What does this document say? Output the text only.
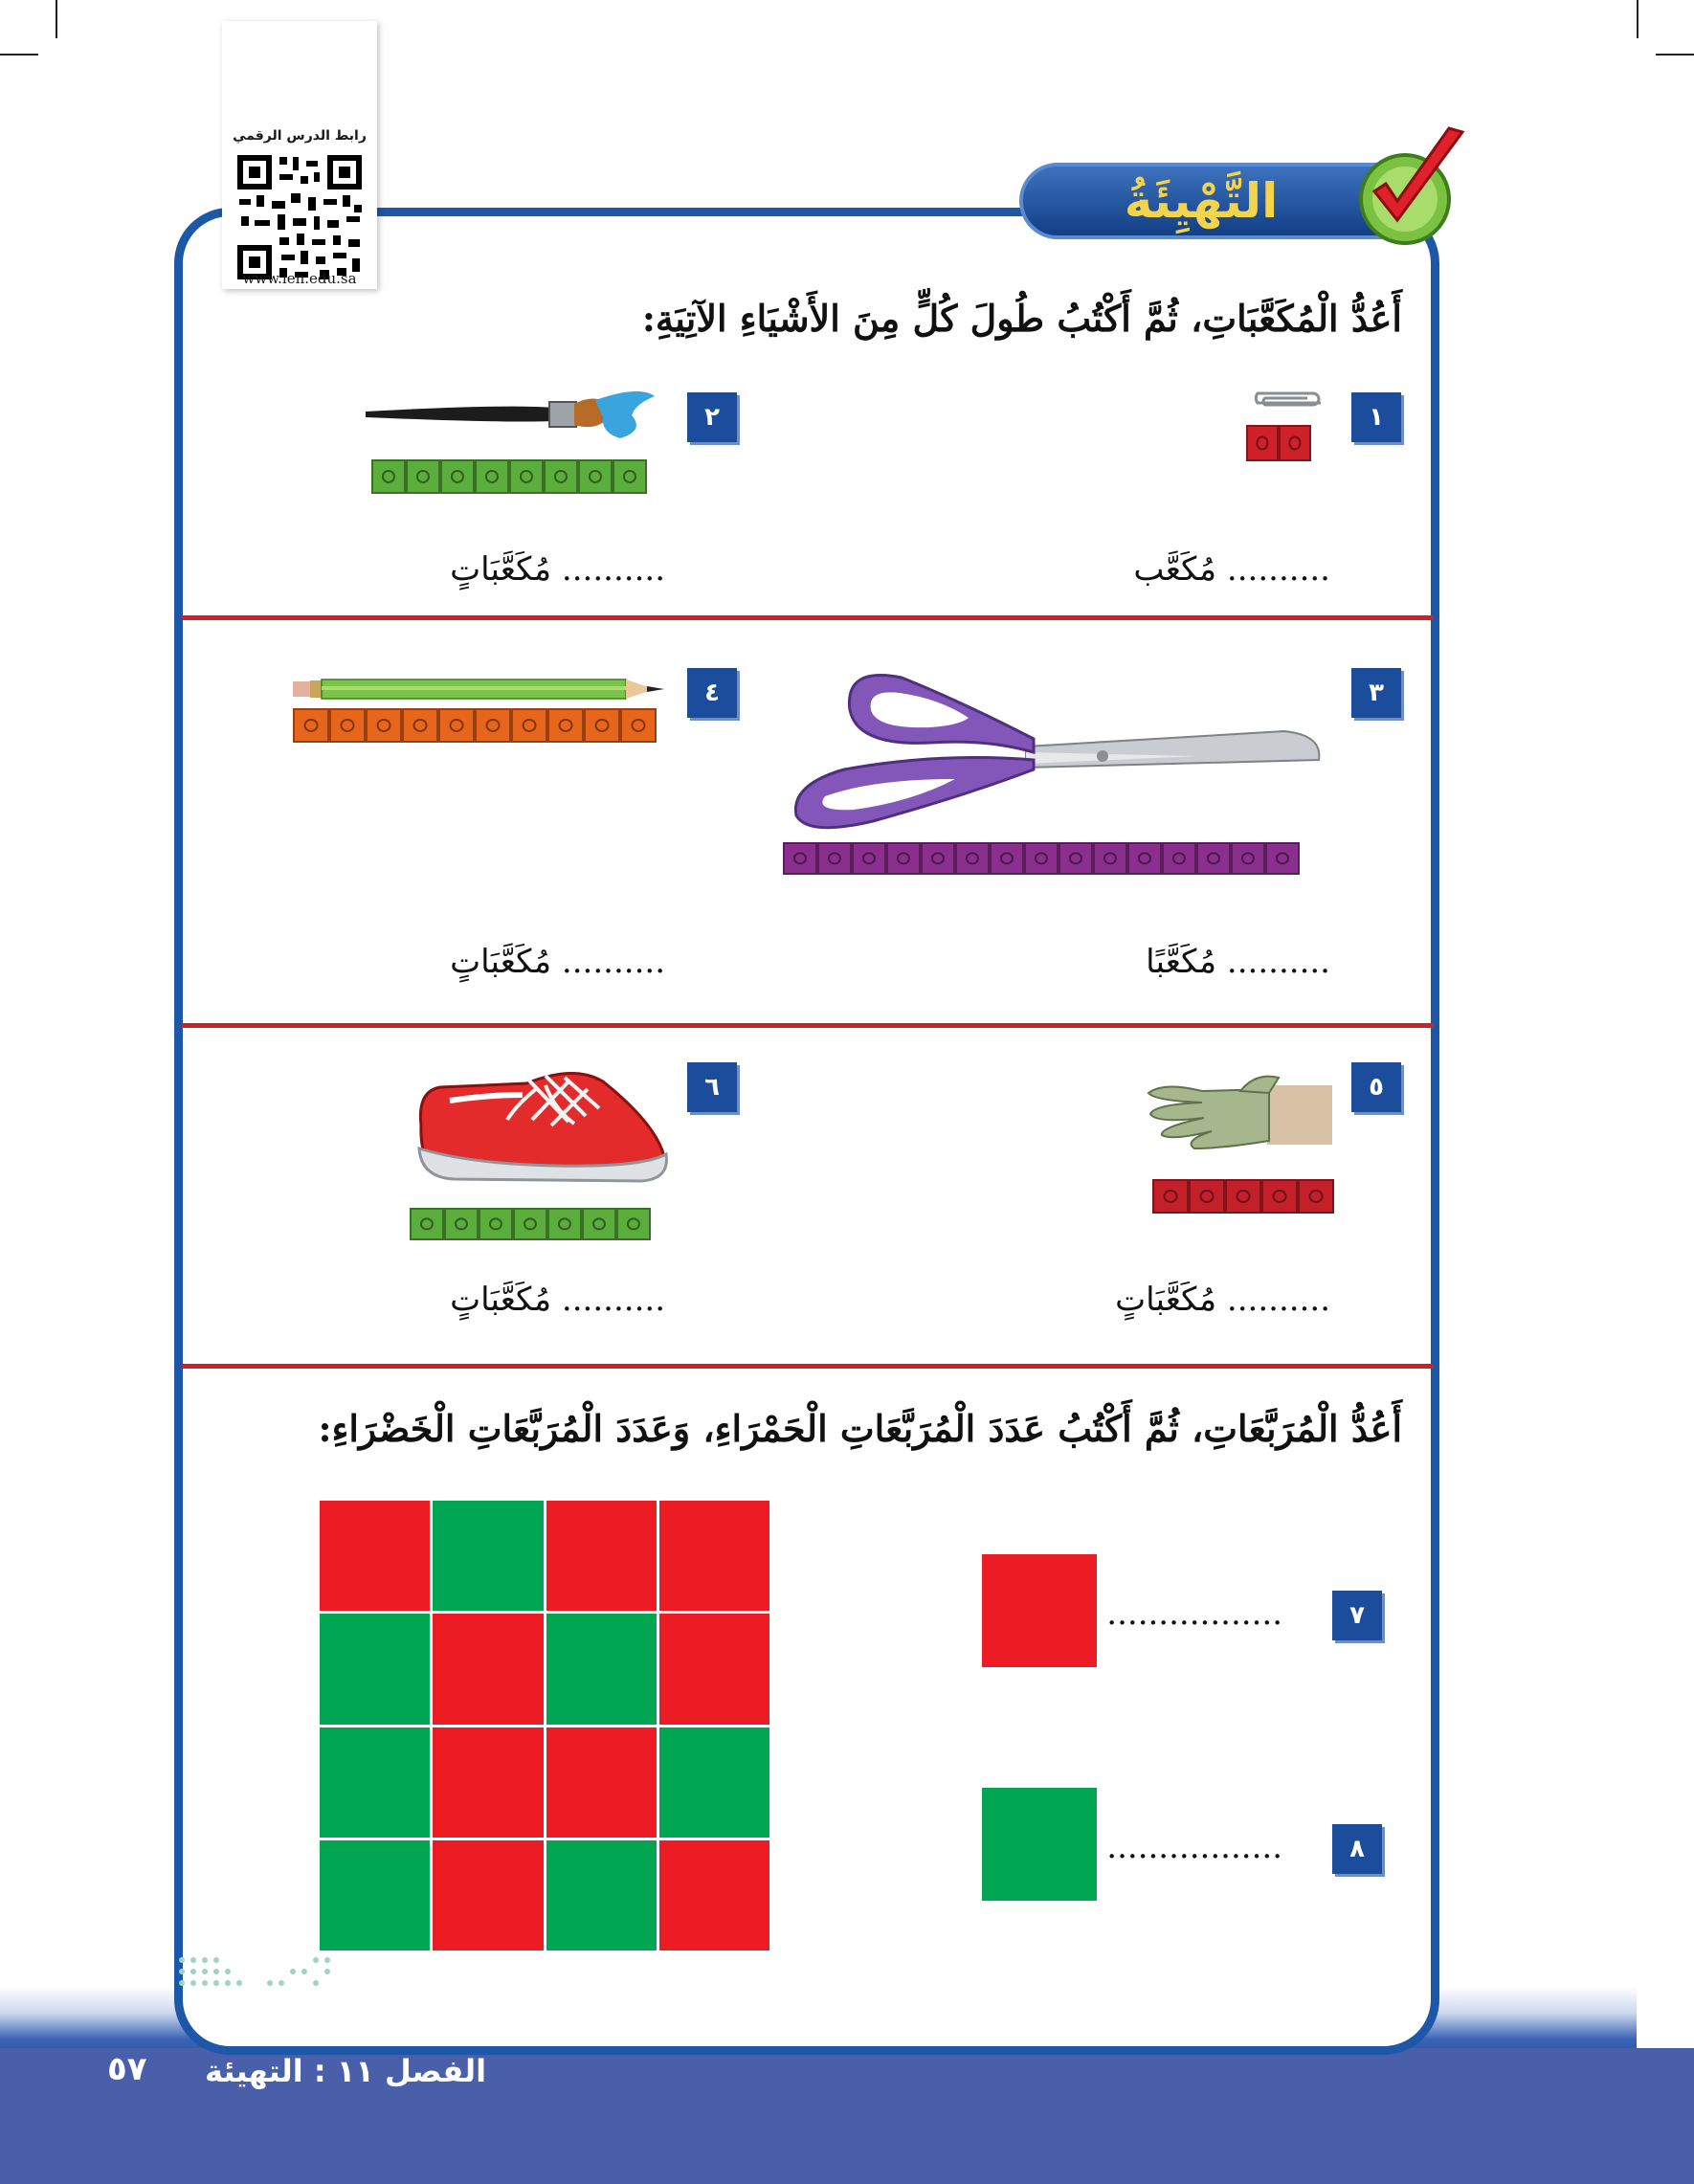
رابط الدرس الرقمي
www.ien.edu.sa
التَّهْيِئَةُ
أَعُدُّ الْمُكَعَّبَاتِ، ثُمَّ أَكْتُبُ طُولَ كُلٍّ مِنَ الأَشْيَاءِ الآتِيَةِ:
١
.......... مُكَعَّب
٢
.......... مُكَعَّبَاتٍ
٣
.......... مُكَعَّبًا
٤
.......... مُكَعَّبَاتٍ
٥
.......... مُكَعَّبَاتٍ
٦
.......... مُكَعَّبَاتٍ
أَعُدُّ الْمُرَبَّعَاتِ، ثُمَّ أَكْتُبُ عَدَدَ الْمُرَبَّعَاتِ الْحَمْرَاءِ، وَعَدَدَ الْمُرَبَّعَاتِ الْخَضْرَاءِ:
٧
.................
٨
.................
الفصل ١١ : التهيئة
٥٧
